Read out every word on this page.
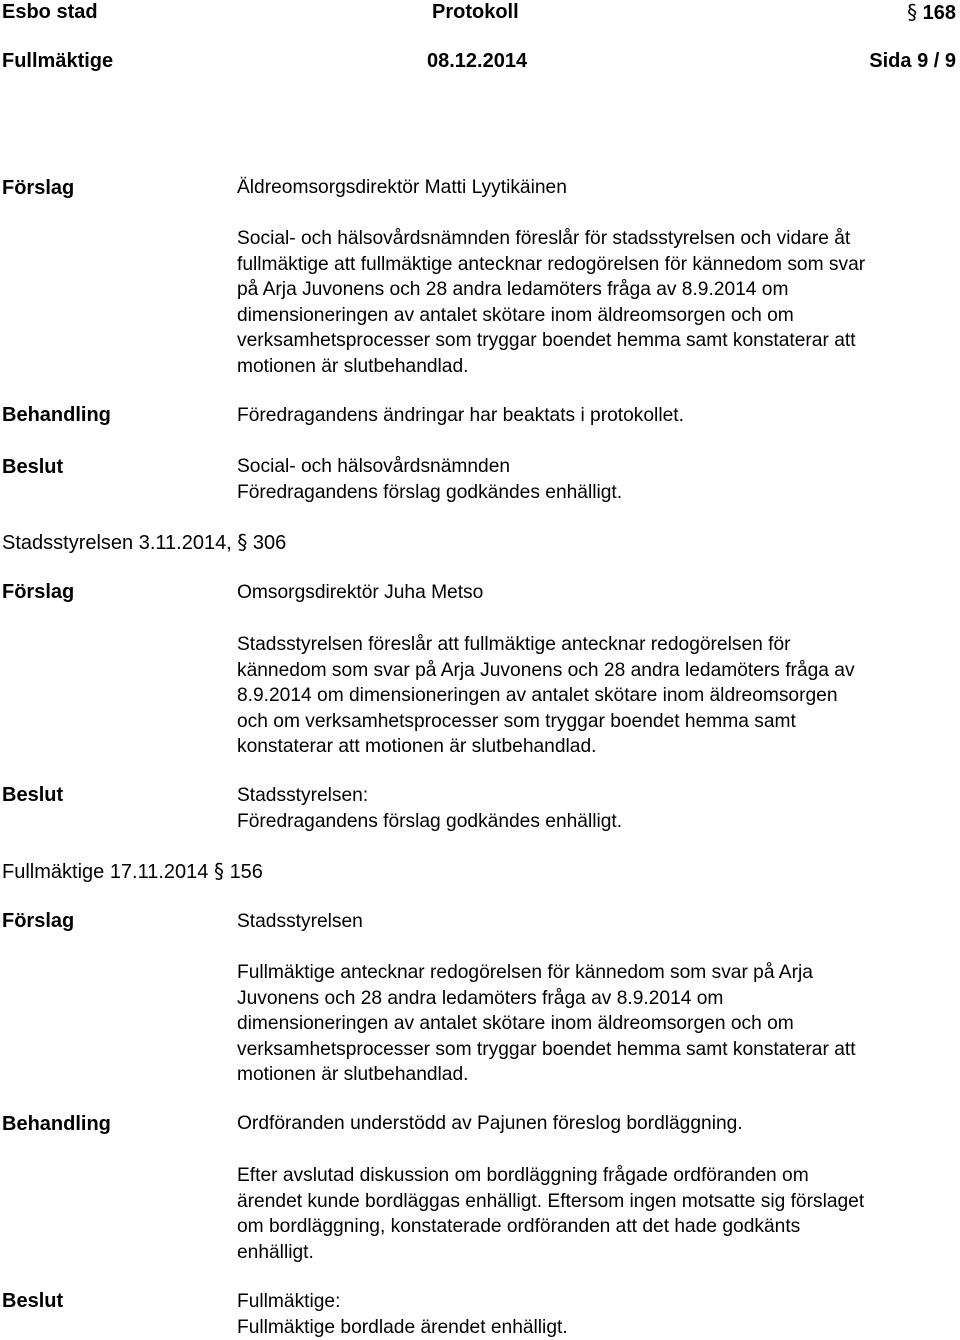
Esbo stad	Protokoll	§ 168
Fullmäktige	08.12.2014	Sida 9 / 9
Förslag	Äldreomsorgsdirektör Matti Lyytikäinen
Social- och hälsovårdsnämnden föreslår för stadsstyrelsen och vidare åt
fullmäktige att fullmäktige antecknar redogörelsen för kännedom som svar
på Arja Juvonens och 28 andra ledamöters fråga av 8.9.2014 om
dimensioneringen av antalet skötare inom äldreomsorgen och om
verksamhetsprocesser som tryggar boendet hemma samt konstaterar att
motionen är slutbehandlad.
Behandling	Föredragandens ändringar har beaktats i protokollet.
Beslut	Social- och hälsovårdsnämnden
Föredragandens förslag godkändes enhälligt.
Stadsstyrelsen 3.11.2014, § 306
Förslag	Omsorgsdirektör Juha Metso
Stadsstyrelsen föreslår att fullmäktige antecknar redogörelsen för
kännedom som svar på Arja Juvonens och 28 andra ledamöters fråga av
8.9.2014 om dimensioneringen av antalet skötare inom äldreomsorgen
och om verksamhetsprocesser som tryggar boendet hemma samt
konstaterar att motionen är slutbehandlad.
Beslut	Stadsstyrelsen:
Föredragandens förslag godkändes enhälligt.
Fullmäktige 17.11.2014 § 156
Förslag	Stadsstyrelsen
Fullmäktige antecknar redogörelsen för kännedom som svar på Arja
Juvonens och 28 andra ledamöters fråga av 8.9.2014 om
dimensioneringen av antalet skötare inom äldreomsorgen och om
verksamhetsprocesser som tryggar boendet hemma samt konstaterar att
motionen är slutbehandlad.
Behandling	Ordföranden understödd av Pajunen föreslog bordläggning.
Efter avslutad diskussion om bordläggning frågade ordföranden om
ärendet kunde bordläggas enhälligt. Eftersom ingen motsatte sig förslaget
om bordläggning, konstaterade ordföranden att det hade godkänts
enhälligt.
Beslut	Fullmäktige:
Fullmäktige bordlade ärendet enhälligt.
